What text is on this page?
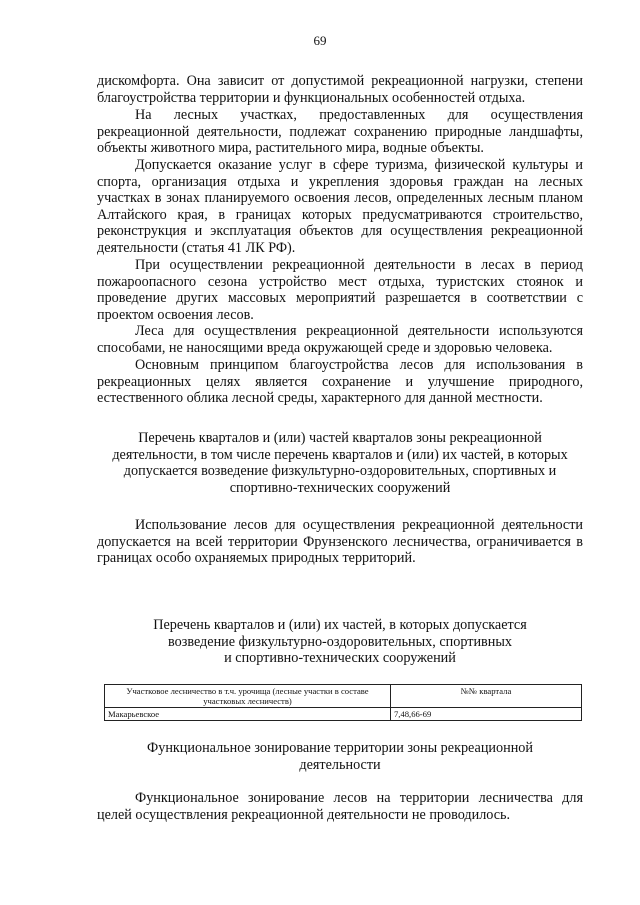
69

дискомфорта. Она зависит от допустимой рекреационной нагрузки, степени благоустройства территории и функциональных особенностей отдыха.

На лесных участках, предоставленных для осуществления рекреационной деятельности, подлежат сохранению природные ландшафты, объекты животного мира, растительного мира, водные объекты.

Допускается оказание услуг в сфере туризма, физической культуры и спорта, организация отдыха и укрепления здоровья граждан на лесных участках в зонах планируемого освоения лесов, определенных лесным планом Алтайского края, в границах которых предусматриваются строительство, реконструкция и эксплуатация объектов для осуществления рекреационной деятельности (статья 41 ЛК РФ).

При осуществлении рекреационной деятельности в лесах в период пожароопасного сезона устройство мест отдыха, туристских стоянок и проведение других массовых мероприятий разрешается в соответствии с проектом освоения лесов.

Леса для осуществления рекреационной деятельности используются способами, не наносящими вреда окружающей среде и здоровью человека.

Основным принципом благоустройства лесов для использования в рекреационных целях является сохранение и улучшение природного, естественного облика лесной среды, характерного для данной местности.

Перечень кварталов и (или) частей кварталов зоны рекреационной
деятельности, в том числе перечень кварталов и (или) их частей, в которых
допускается возведение физкультурно-оздоровительных, спортивных и
спортивно-технических сооружений

Использование лесов для осуществления рекреационной деятельности допускается на всей территории Фрунзенского лесничества, ограничивается в границах особо охраняемых природных территорий.

Перечень кварталов и (или) их частей, в которых допускается
возведение физкультурно-оздоровительных, спортивных
и спортивно-технических сооружений
Участковое лесничество в т.ч. урочища (лесные участки в составе участковых лесничеств)	№№ квартала
Макарьевское	7,48,66-69
Функциональное зонирование территории зоны рекреационной
деятельности

Функциональное зонирование лесов на территории лесничества для целей осуществления рекреационной деятельности не проводилось.
